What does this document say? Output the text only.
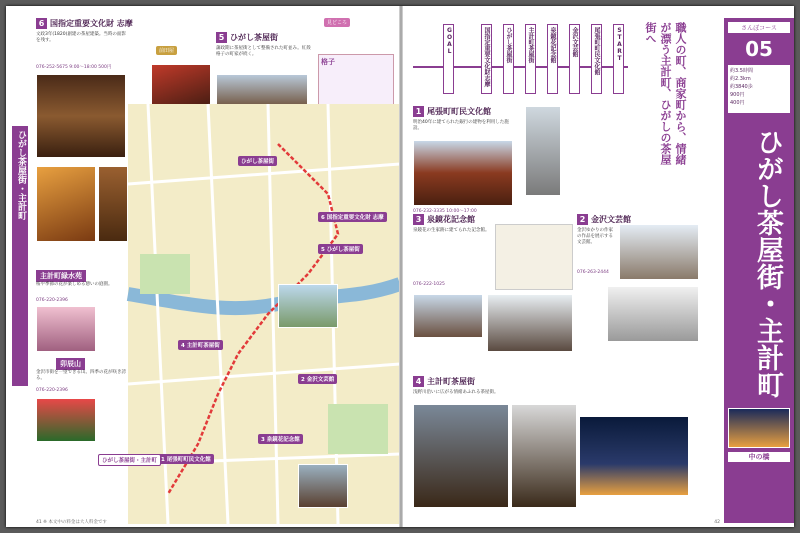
ひがし茶屋街・主計町
6 国指定重要文化財 志摩
文政3年(1820)創建の茶屋建築。当時の面影を残す。
076-252-5675 9:00〜18:00 500円
前田屋
5 ひがし茶屋街
藩政期に茶屋街として整備された町並み。紅殻格子の町家が続く。
見どころ
格子
ひがし茶屋街
6 国指定重要文化財 志摩
5 ひがし茶屋街
4 主計町茶屋街
1 尾張町町民文化館
2 金沢文芸館
3 泉鏡花記念館
ひがし茶屋街・主計町
主計町緑水苑
桜や季節の花が楽しめる憩いの庭園。
076-220-2396
卯辰山
金沢市街を一望できる山。四季の花が咲き誇る。
076-220-2396
41 ※ 本文中の料金は大人料金です
START
尾張町町民文化館
金沢文芸館
泉鏡花記念館
主計町茶屋街
ひがし茶屋街
国指定重要文化財志摩
GOAL	職人の町、商家町から、情緒が漂う主計町、ひがしの茶屋街へ	さんぽコース
05
約3.5時間
約2.3km
約3840歩
900円
400円
ひがし茶屋街・主計町
中の橋
1 尾張町町民文化館
明治40年に建てられた銀行の建物を利用した施設。
076-232-3335 10:00〜17:00
3 泉鏡花記念館
泉鏡花の生家跡に建てられた記念館。
076-222-1025
2 金沢文芸館
金沢ゆかりの作家の作品を展示する文芸館。
076-263-2444
4 主計町茶屋街
浅野川沿いに広がる情緒あふれる茶屋街。
42
